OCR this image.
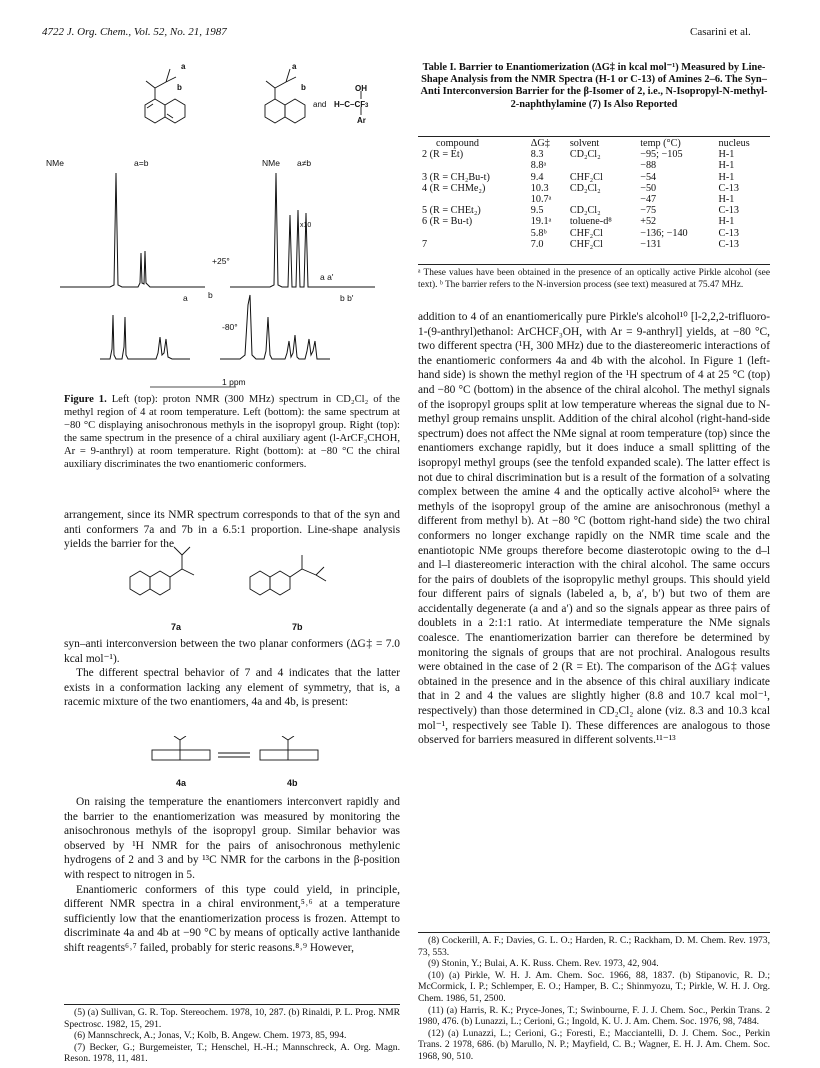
4722 J. Org. Chem., Vol. 52, No. 21, 1987	Casarini et al.
a
b
a
b	OH
and H–C–CF 3
Ar
NMe	a=b	NMe a≠b
x10
+25°
a a'
a b	b b'
-80°
1 ppm
Figure 1. Left (top): proton NMR (300 MHz) spectrum in CD₂Cl₂ of the methyl region of 4 at room temperature. Left (bottom): the same spectrum at −80 °C displaying anisochronous methyls in the isopropyl group. Right (top): the same spectrum in the presence of a chiral auxiliary agent (l-ArCF₃CHOH, Ar = 9-anthryl) at room temperature. Right (bottom): at −80 °C the chiral auxiliary discriminates the two enantiomeric conformers.

arrangement, since its NMR spectrum corresponds to that of the syn and anti conformers 7a and 7b in a 6.5:1 proportion. Line-shape analysis yields the barrier for the

7a	7b

syn–anti interconversion between the two planar conformers (ΔG‡ = 7.0 kcal mol⁻¹).

The different spectral behavior of 7 and 4 indicates that the latter exists in a conformation lacking any element of symmetry, that is, a racemic mixture of the two enantiomers, 4a and 4b, is present:

4a	4b

On raising the temperature the enantiomers interconvert rapidly and the barrier to the enantiomerization was measured by monitoring the anisochronous methyls of the isopropyl group. Similar behavior was observed by ¹H NMR for the pairs of anisochronous methylenic hydrogens of 2 and 3 and by ¹³C NMR for the carbons in the β-position with respect to nitrogen in 5.

Enantiomeric conformers of this type could yield, in principle, different NMR spectra in a chiral environment,⁵˒⁶ at a temperature sufficiently low that the enantiomerization process is frozen. Attempt to discriminate 4a and 4b at −90 °C by means of optically active lanthanide shift reagents⁶˒⁷ failed, probably for steric reasons.⁸˒⁹ However,

(5) (a) Sullivan, G. R. Top. Stereochem. 1978, 10, 287. (b) Rinaldi, P. L. Prog. NMR Spectrosc. 1982, 15, 291.

(6) Mannschreck, A.; Jonas, V.; Kolb, B. Angew. Chem. 1973, 85, 994.

(7) Becker, G.; Burgemeister, T.; Henschel, H.-H.; Mannschreck, A. Org. Magn. Reson. 1978, 11, 481.

Table I. Barrier to Enantiomerization (ΔG‡ in kcal mol⁻¹) Measured by Line-Shape Analysis from the NMR Spectra (H-1 or C-13) of Amines 2–6. The Syn–Anti Interconversion Barrier for the β-Isomer of 2, i.e., N-Isopropyl-N-methyl-2-naphthylamine (7) Is Also Reported
compound	ΔG‡	solvent	temp (°C)	nucleus
2 (R = Et)	8.3	CD₂Cl₂	−95; −105	H-1
	8.8ᵃ		−88	H-1
3 (R = CH₂Bu-t)	9.4	CHF₂Cl	−54	H-1
4 (R = CHMe₂)	10.3	CD₂Cl₂	−50	C-13
	10.7ᵃ		−47	H-1
5 (R = CHEt₂)	9.5	CD₂Cl₂	−75	C-13
6 (R = Bu-t)	19.1ᵃ	toluene-d⁸	+52	H-1
	5.8ᵇ	CHF₂Cl	−136; −140	C-13
7	7.0	CHF₂Cl	−131	C-13
ᵃ These values have been obtained in the presence of an optically active Pirkle alcohol (see text). ᵇ The barrier refers to the N-inversion process (see text) measured at 75.47 MHz.

addition to 4 of an enantiomerically pure Pirkle's alcohol¹⁰ [l-2,2,2-trifluoro-1-(9-anthryl)ethanol: ArCHCF₃OH, with Ar = 9-anthryl] yields, at −80 °C, two different spectra (¹H, 300 MHz) due to the diastereomeric interactions of the enantiomeric conformers 4a and 4b with the alcohol. In Figure 1 (left-hand side) is shown the methyl region of the ¹H spectrum of 4 at 25 °C (top) and −80 °C (bottom) in the absence of the chiral alcohol. The methyl signals of the isopropyl groups split at low temperature whereas the signal due to N-methyl group remains unsplit. Addition of the chiral alcohol (right-hand-side spectrum) does not affect the NMe signal at room temperature (top) since the enantiomers exchange rapidly, but it does induce a small splitting of the isopropyl methyl groups (see the tenfold expanded scale). The latter effect is not due to chiral discrimination but is a result of the formation of a solvating complex between the amine 4 and the optically active alcohol⁵ᵃ where the methyls of the isopropyl group of the amine are anisochronous (methyl a different from methyl b). At −80 °C (bottom right-hand side) the two chiral conformers no longer exchange rapidly on the NMR time scale and the enantiotopic NMe groups therefore become diasterotopic owing to the d–l and l–l diastereomeric interaction with the chiral alcohol. The same occurs for the pairs of doublets of the isopropylic methyl groups. This should yield four different pairs of signals (labeled a, b, a′, b′) but two of them are accidentally degenerate (a and a′) and so the signals appear as three pairs of doublets in a 2:1:1 ratio. At intermediate temperature the NMe signals coalesce. The enantiomerization barrier can therefore be determined by monitoring the signals of groups that are not prochiral. Analogous results were obtained in the case of 2 (R = Et). The comparison of the ΔG‡ values obtained in the presence and in the absence of this chiral auxiliary indicate that in 2 and 4 the values are slightly higher (8.8 and 10.7 kcal mol⁻¹, respectively) than those determined in CD₂Cl₂ alone (viz. 8.3 and 10.3 kcal mol⁻¹, respectively see Table I). These differences are analogous to those observed for barriers measured in different solvents.¹¹⁻¹³

(8) Cockerill, A. F.; Davies, G. L. O.; Harden, R. C.; Rackham, D. M. Chem. Rev. 1973, 73, 553.

(9) Stonin, Y.; Bulai, A. K. Russ. Chem. Rev. 1973, 42, 904.

(10) (a) Pirkle, W. H. J. Am. Chem. Soc. 1966, 88, 1837. (b) Stipanovic, R. D.; McCormick, I. P.; Schlemper, E. O.; Hamper, B. C.; Shinmyozu, T.; Pirkle, W. H. J. Org. Chem. 1986, 51, 2500.

(11) (a) Harris, R. K.; Pryce-Jones, T.; Swinbourne, F. J. J. Chem. Soc., Perkin Trans. 2 1980, 476. (b) Lunazzi, L.; Cerioni, G.; Ingold, K. U. J. Am. Chem. Soc. 1976, 98, 7484.

(12) (a) Lunazzi, L.; Cerioni, G.; Foresti, E.; Macciantelli, D. J. Chem. Soc., Perkin Trans. 2 1978, 686. (b) Marullo, N. P.; Mayfield, C. B.; Wagner, E. H. J. Am. Chem. Soc. 1968, 90, 510.
